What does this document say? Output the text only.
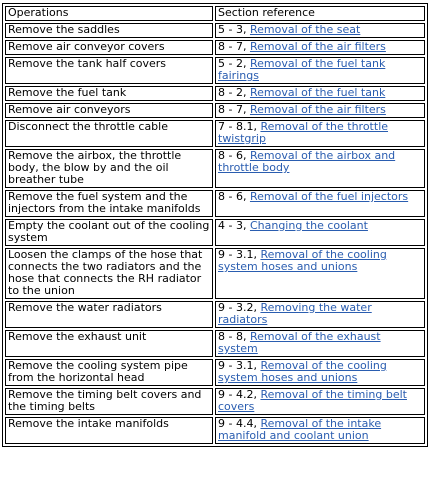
Operations	Section reference
Remove the saddles	5 - 3, Removal of the seat
Remove air conveyor covers	8 - 7, Removal of the air filters
Remove the tank half covers	5 - 2, Removal of the fuel tank fairings
Remove the fuel tank	8 - 2, Removal of the fuel tank
Remove air conveyors	8 - 7, Removal of the air filters
Disconnect the throttle cable	7 - 8.1, Removal of the throttle twistgrip
Remove the airbox, the throttle body, the blow by and the oil breather tube	8 - 6, Removal of the airbox and throttle body
Remove the fuel system and the injectors from the intake manifolds	8 - 6, Removal of the fuel injectors
Empty the coolant out of the cooling system	4 - 3, Changing the coolant
Loosen the clamps of the hose that connects the two radiators and the hose that connects the RH radiator to the union	9 - 3.1, Removal of the cooling system hoses and unions
Remove the water radiators	9 - 3.2, Removing the water radiators
Remove the exhaust unit	8 - 8, Removal of the exhaust system
Remove the cooling system pipe from the horizontal head	9 - 3.1, Removal of the cooling system hoses and unions
Remove the timing belt covers and the timing belts	9 - 4.2, Removal of the timing belt covers
Remove the intake manifolds	9 - 4.4, Removal of the intake manifold and coolant union
